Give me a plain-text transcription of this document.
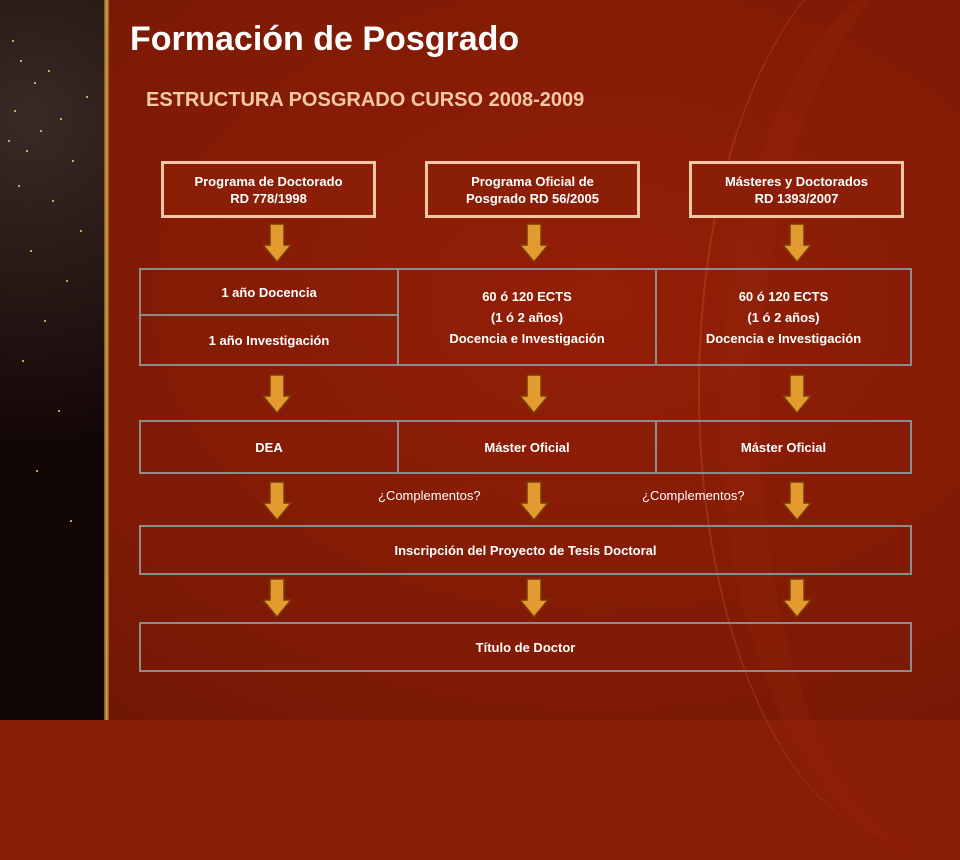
Formación de Posgrado
ESTRUCTURA POSGRADO CURSO 2008-2009
Programa de Doctorado
RD 778/1998
Programa Oficial de
Posgrado RD 56/2005
Másteres y Doctorados
RD 1393/2007
1 año Docencia
1 año Investigación
60 ó 120 ECTS
(1 ó 2 años)
Docencia e Investigación
60 ó 120 ECTS
(1 ó 2 años)
Docencia e Investigación
DEA	Máster Oficial	Máster Oficial
¿Complementos?	¿Complementos?
Inscripción del Proyecto de Tesis Doctoral
Título de Doctor
